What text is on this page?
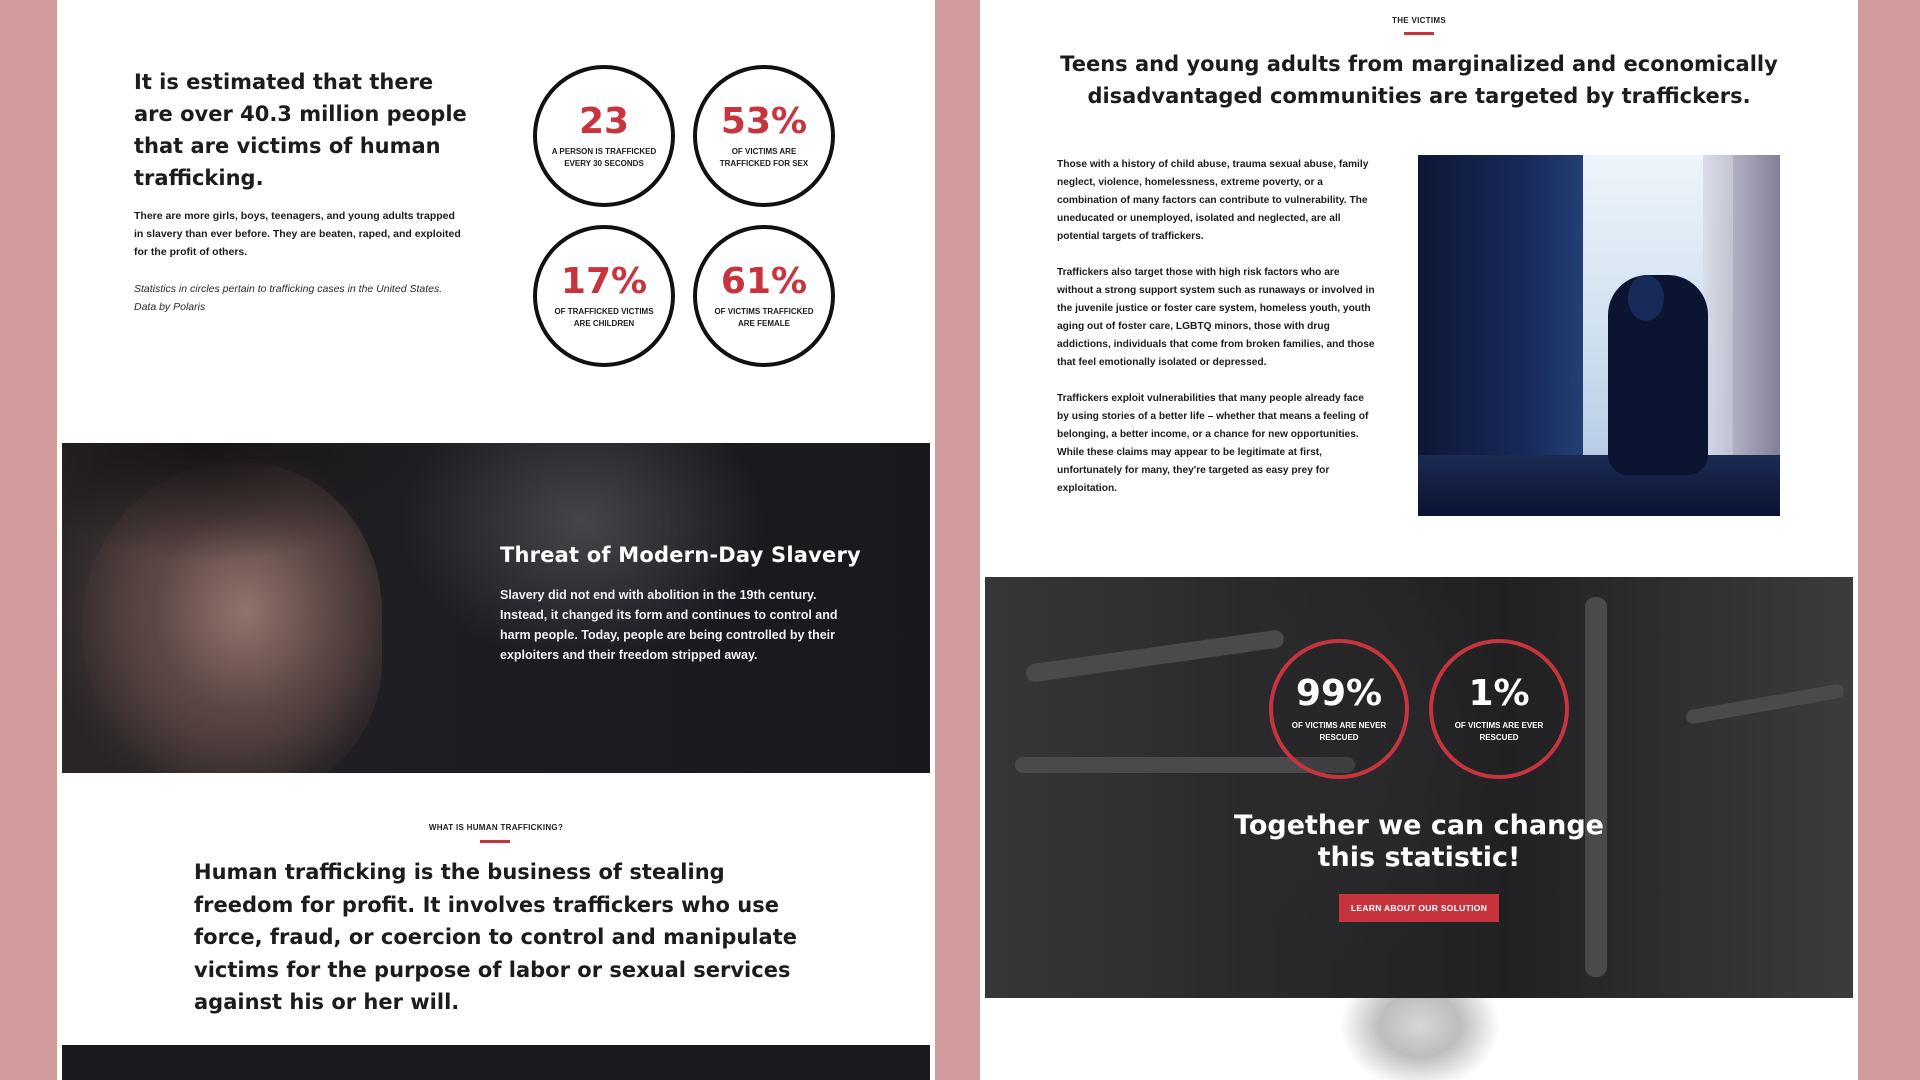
It is estimated that there are over 40.3 million people that are victims of human trafficking.
There are more girls, boys, teenagers, and young adults trapped in slavery than ever before. They are beaten, raped, and exploited for the profit of others.
Statistics in circles pertain to trafficking cases in the United States. Data by Polaris
23
A PERSON IS TRAFFICKED EVERY 30 SECONDS
53%
OF VICTIMS ARE TRAFFICKED FOR SEX
17%
OF TRAFFICKED VICTIMS ARE CHILDREN
61%
OF VICTIMS TRAFFICKED ARE FEMALE
Threat of Modern-Day Slavery
Slavery did not end with abolition in the 19th century. Instead, it changed its form and continues to control and harm people. Today, people are being controlled by their exploiters and their freedom stripped away.
WHAT IS HUMAN TRAFFICKING?
Human trafficking is the business of stealing freedom for profit. It involves traffickers who use force, fraud, or coercion to control and manipulate victims for the purpose of labor or sexual services against his or her will.
THE VICTIMS
Teens and young adults from marginalized and economically disadvantaged communities are targeted by traffickers.

Those with a history of child abuse, trauma sexual abuse, family neglect, violence, homelessness, extreme poverty, or a combination of many factors can contribute to vulnerability. The uneducated or unemployed, isolated and neglected, are all potential targets of traffickers.

Traffickers also target those with high risk factors who are without a strong support system such as runaways or involved in the juvenile justice or foster care system, homeless youth, youth aging out of foster care, LGBTQ minors, those with drug addictions, individuals that come from broken families, and those that feel emotionally isolated or depressed.

Traffickers exploit vulnerabilities that many people already face by using stories of a better life – whether that means a feeling of belonging, a better income, or a chance for new opportunities. While these claims may appear to be legitimate at first, unfortunately for many, they're targeted as easy prey for exploitation.

99%
OF VICTIMS ARE NEVER RESCUED
1%
OF VICTIMS ARE EVER RESCUED
Together we can change this statistic!
LEARN ABOUT OUR SOLUTION
